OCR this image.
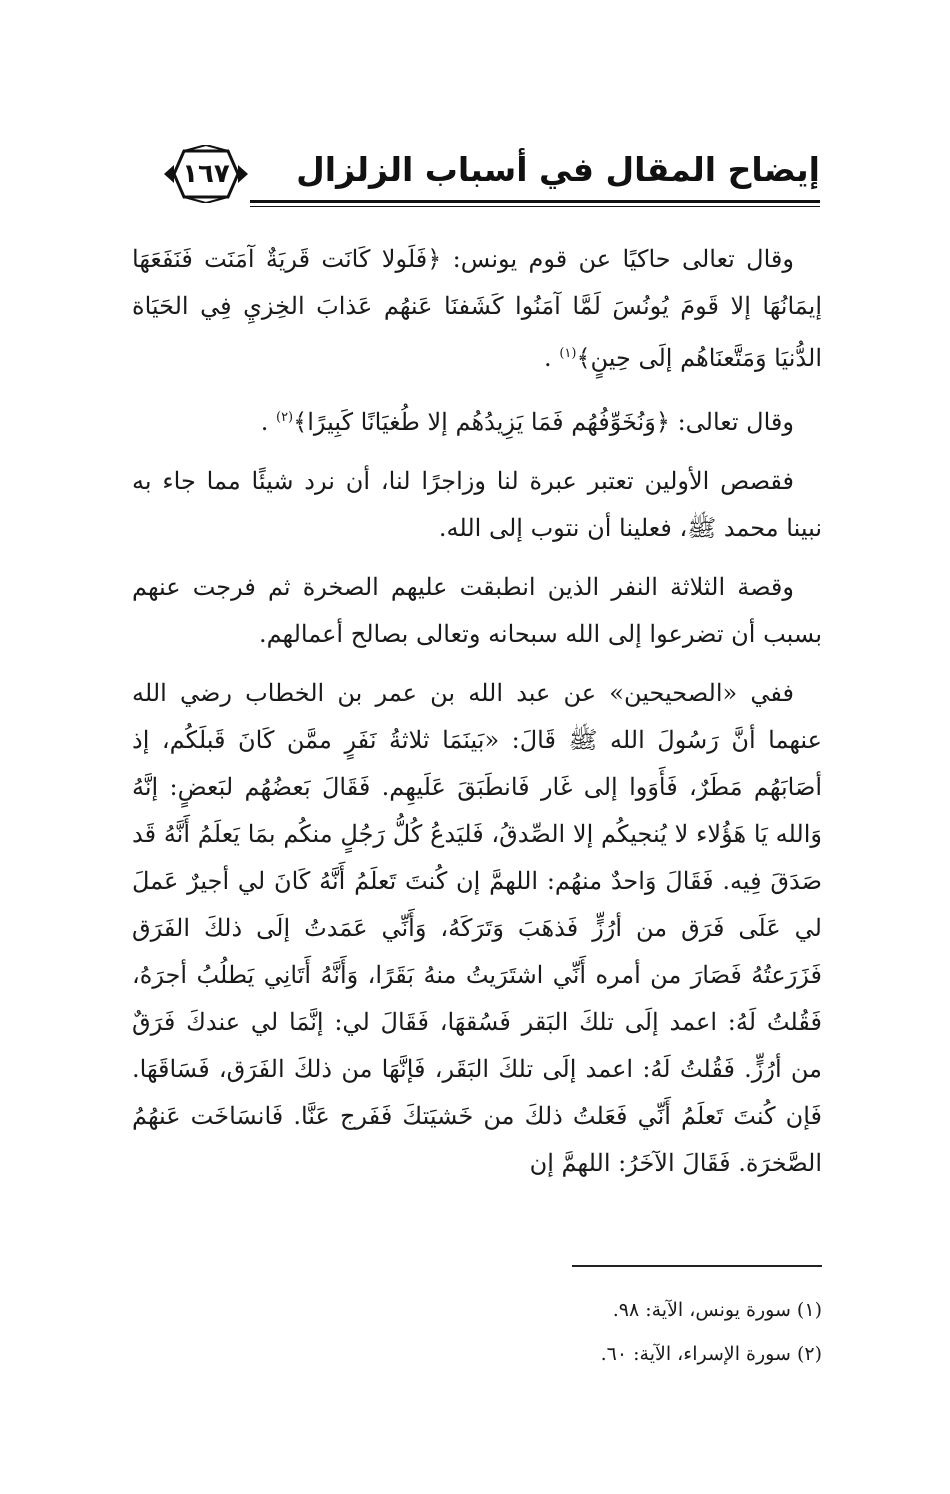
إيضاح المقال في أسباب الزلزال
١٦٧

وقال تعالى حاكيًا عن قوم يونس: ﴿فَلَولا كَانَت قَريَةٌ آمَنَت فَنَفَعَهَا إيمَانُهَا إلا قَومَ يُونُسَ لَمَّا آمَنُوا كَشَفنَا عَنهُم عَذابَ الخِزيِ فِي الحَيَاة الدُّنيَا وَمَتَّعنَاهُم إلَى حِينٍ﴾$^{(١)}$ .

وقال تعالى: ﴿وَنُخَوِّفُهُم فَمَا يَزِيدُهُم إلا طُغيَانًا كَبِيرًا﴾$^{(٢)}$ .

فقصص الأولين تعتبر عبرة لنا وزاجرًا لنا، أن نرد شيئًا مما جاء به نبينا محمد ﷺ، فعلينا أن نتوب إلى الله.

وقصة الثلاثة النفر الذين انطبقت عليهم الصخرة ثم فرجت عنهم بسبب أن تضرعوا إلى الله سبحانه وتعالى بصالح أعمالهم.

ففي «الصحيحين» عن عبد الله بن عمر بن الخطاب رضي الله عنهما أنَّ رَسُولَ الله ﷺ قَالَ: «بَينَمَا ثلاثةُ نَفَرٍ ممَّن كَانَ قَبلَكُم، إذ أصَابَهُم مَطَرٌ، فَأَوَوا إلى غَار فَانطَبَقَ عَلَيهِم. فَقَالَ بَعضُهُم لبَعضٍ: إنَّهُ وَالله يَا هَؤُلاء لا يُنجيكُم إلا الصِّدقُ، فَليَدعُ كُلُّ رَجُلٍ منكُم بمَا يَعلَمُ أَنَّهُ قَد صَدَقَ فِيه. فَقَالَ وَاحدٌ منهُم: اللهمَّ إن كُنتَ تَعلَمُ أَنَّهُ كَانَ لي أجيرٌ عَملَ لي عَلَى فَرَق من أرُزٍّ فَذهَبَ وَتَرَكَهُ، وَأَنِّي عَمَدتُ إلَى ذلكَ الفَرَق فَزَرَعتُهُ فَصَارَ من أمره أَنِّي اشتَرَيتُ منهُ بَقَرًا، وَأَنَّهُ أَتَانِي يَطلُبُ أجرَهُ، فَقُلتُ لَهُ: اعمد إلَى تلكَ البَقر فَسُقهَا، فَقَالَ لي: إنَّمَا لي عندكَ فَرَقٌ من أرُزٍّ. فَقُلتُ لَهُ: اعمد إلَى تلكَ البَقَر، فَإنَّهَا من ذلكَ الفَرَق، فَسَاقَهَا. فَإن كُنتَ تَعلَمُ أَنِّي فَعَلتُ ذلكَ من خَشيَتكَ فَفَرج عَنَّا. فَانسَاخَت عَنهُمُ الصَّخرَة. فَقَالَ الآخَرُ: اللهمَّ إن

(١) سورة يونس، الآية: ٩٨.

(٢) سورة الإسراء، الآية: ٦٠.
